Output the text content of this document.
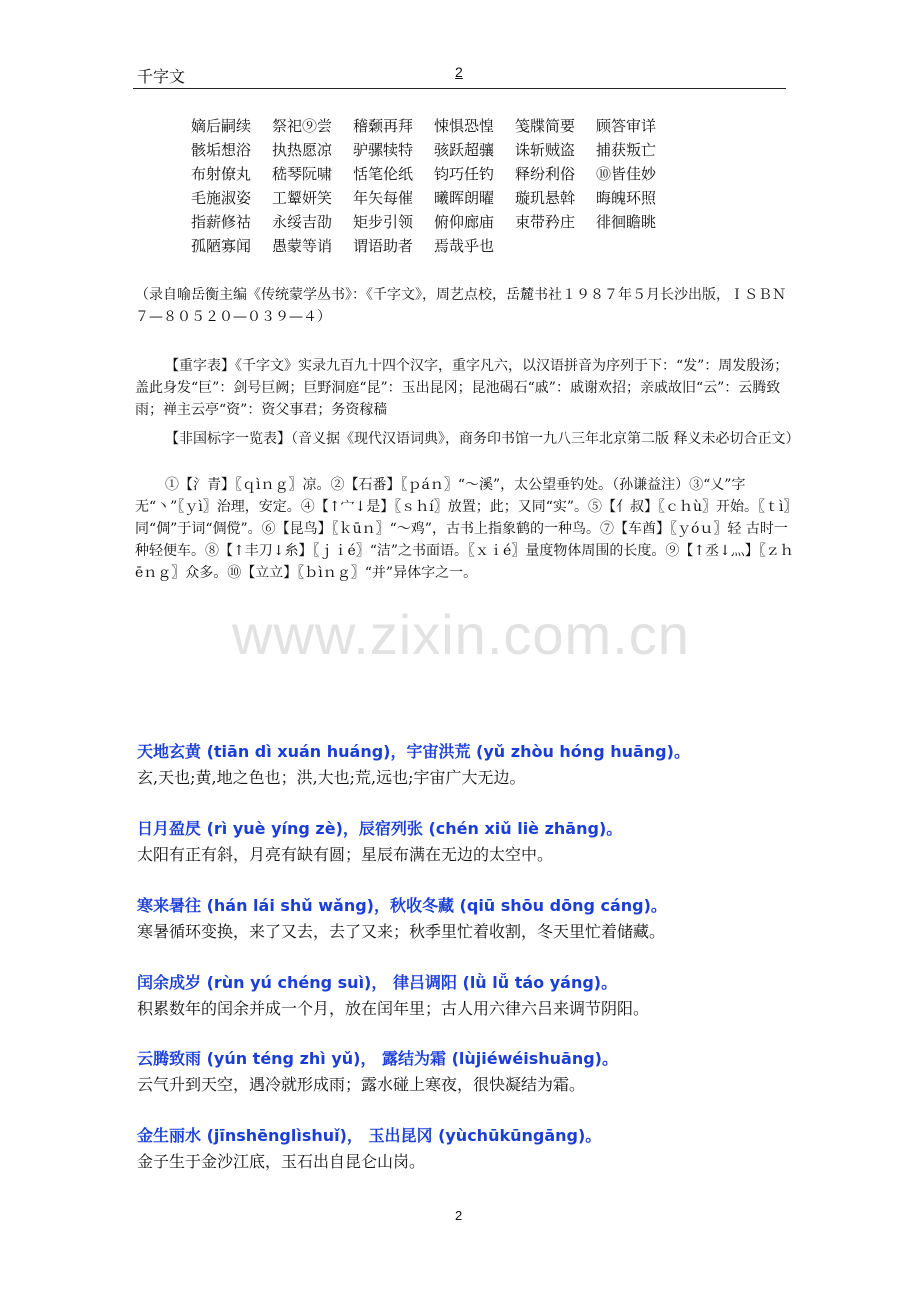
千字文	2
嫡后嗣续 祭祀⑨尝 稽颡再拜 悚惧恐惶 笺牒简要 顾答审详
骸垢想浴 执热愿凉 驴骡犊特 骇跃超骧 诛斩贼盗 捕获叛亡
布射僚丸 嵇琴阮啸 恬笔伦纸 钧巧任钓 释纷利俗 ⑩皆佳妙
毛施淑姿 工颦妍笑 年矢每催 曦晖朗曜 璇玑悬斡 晦魄环照
指薪修祜 永绥吉劭 矩步引领 俯仰廊庙 束带矜庄 徘徊瞻眺
孤陋寡闻 愚蒙等诮 谓语助者 焉哉乎也
（录自喻岳衡主编《传统蒙学丛书》：《千字文》，周艺点校，岳麓书社１９８７年５月长沙出版，ＩＳＢＮ７—８０５２０—０３９—４）
【重字表】《千字文》实录九百九十四个汉字，重字凡六，以汉语拼音为序列于下：“发”：周发殷汤；盖此身发“巨”：剑号巨阙；巨野洞庭“昆”：玉出昆冈；昆池碣石“戚”：戚谢欢招；亲戚故旧“云”：云腾致雨；禅主云亭“资”：资父事君；务资稼穑
【非国标字一览表】（音义据《现代汉语词典》，商务印书馆一九八三年北京第二版 释义未必切合正文）
①【氵青】〖ｑìｎｇ〗凉。②【石番】〖ｐáｎ〗“～溪”，太公望垂钓处。（孙谦益注）③“乂”字无“丶”〖ｙì〗治理，安定。④【↑宀↓是】〖ｓｈí〗放置；此；又同“实”。⑤【亻叔】〖ｃｈù〗开始。〖ｔì〗同“倜”于词“倜傥”。⑥【昆鸟】〖ｋūｎ〗“～鸡”，古书上指象鹤的一种鸟。⑦【车酋】〖ｙóｕ〗轻 古时一种轻便车。⑧【↑丰刀↓糸】〖ｊｉé〗“洁”之书面语。〖ｘｉé〗量度物体周围的长度。⑨【↑丞↓灬】〖ｚｈēｎｇ〗众多。⑩【立立】〖ｂìｎｇ〗“并”异体字之一。
www.zixin.com.cn
天地玄黄 (tiān dì xuán huáng)，宇宙洪荒 (yǔ zhòu hóng huāng)。
玄,天也;黄,地之色也；洪,大也;荒,远也;宇宙广大无边。
日月盈昃 (rì yuè yíng zè)，辰宿列张 (chén xiǔ liè zhāng)。
太阳有正有斜，月亮有缺有圆；星辰布满在无边的太空中。
寒来暑往 (hán lái shǔ wǎng)，秋收冬藏 (qiū shōu dōng cáng)。
寒暑循环变换，来了又去，去了又来；秋季里忙着收割，冬天里忙着储藏。
闰余成岁 (rùn yú chéng suì)， 律吕调阳 (lǜ lǚ táo yáng)。
积累数年的闰余并成一个月，放在闰年里；古人用六律六吕来调节阴阳。
云腾致雨 (yún téng zhì yǔ)， 露结为霜 (lùjiéwéishuāng)。
云气升到天空，遇冷就形成雨；露水碰上寒夜，很快凝结为霜。
金生丽水 (jīnshēnglìshuǐ)， 玉出昆冈 (yùchūkūngāng)。
金子生于金沙江底，玉石出自昆仑山岗。
2
